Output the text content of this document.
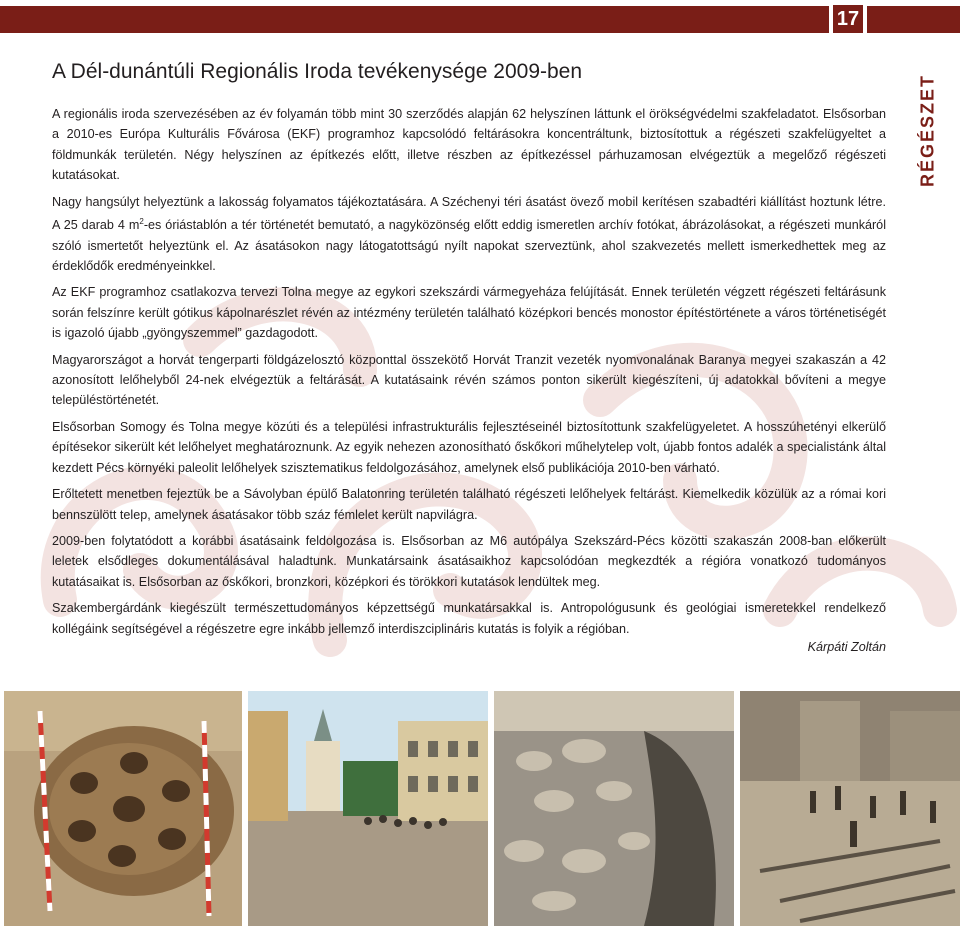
17
RÉGÉSZET
A Dél-dunántúli Regionális Iroda tevékenysége 2009-ben

A regionális iroda szervezésében az év folyamán több mint 30 szerződés alapján 62 helyszínen láttunk el örökségvédelmi szakfeladatot. Elsősorban a 2010-es Európa Kulturális Fővárosa (EKF) programhoz kapcsolódó feltárásokra koncentráltunk, biztosítottuk a régészeti szakfelügyeltet a földmunkák területén. Négy helyszínen az építkezés előtt, illetve részben az építkezéssel párhuzamosan elvégeztük a megelőző régészeti kutatásokat.

Nagy hangsúlyt helyeztünk a lakosság folyamatos tájékoztatására. A Széchenyi téri ásatást övező mobil kerítésen szabadtéri kiállítást hoztunk létre. A 25 darab 4 $m^2-es$ óriástablón a tér történetét bemutató, a nagyközönség előtt eddig ismeretlen archív fotókat, ábrázolásokat, a régészeti munkáról szóló ismertetőt helyeztünk el. Az ásatásokon nagy látogatottságú nyílt napokat szerveztünk, ahol szakvezetés mellett ismerkedhettek meg az érdeklődők eredményeinkkel.

Az EKF programhoz csatlakozva tervezi Tolna megye az egykori szekszárdi vármegyeháza felújítását. Ennek területén végzett régészeti feltárásunk során felszínre került gótikus kápolnarészlet révén az intézmény területén található középkori bencés monostor építéstörténete a város történetiségét is igazoló újabb „gyöngyszemmel” gazdagodott.

Magyarországot a horvát tengerparti földgázelosztó központtal összekötő Horvát Tranzit vezeték nyomvonalának Baranya megyei szakaszán a 42 azonosított lelőhelyből 24-nek elvégeztük a feltárását. A kutatásaink révén számos ponton sikerült kiegészíteni, új adatokkal bővíteni a megye településtörténetét.

Elsősorban Somogy és Tolna megye közúti és a települési infrastrukturális fejlesztéseinél biztosítottunk szakfelügyeletet. A hosszúhetényi elkerülő építésekor sikerült két lelőhelyet meghatároznunk. Az egyik nehezen azonosítható őskőkori műhelytelep volt, újabb fontos adalék a specialistánk által kezdett Pécs környéki paleolit lelőhelyek szisztematikus feldolgozásához, amelynek első publikációja 2010-ben várható.

Erőltetett menetben fejeztük be a Sávolyban épülő Balatonring területén található régészeti lelőhelyek feltárást. Kiemelkedik közülük az a római kori bennszülött telep, amelynek ásatásakor több száz fémlelet került napvilágra.

2009-ben folytatódott a korábbi ásatásaink feldolgozása is. Elsősorban az M6 autópálya Szekszárd-Pécs közötti szakaszán 2008-ban előkerült leletek elsődleges dokumentálásával haladtunk. Munkatársaink ásatásaikhoz kapcsolódóan megkezdték a régióra vonatkozó tudományos kutatásaikat is. Elsősorban az őskőkori, bronzkori, középkori és törökkori kutatások lendültek meg.

Szakembergárdánk kiegészült természettudományos képzettségű munkatársakkal is. Antropológusunk és geológiai ismeretekkel rendelkező kollégáink segítségével a régészetre egre inkább jellemző interdiszciplináris kutatás is folyik a régióban.

Kárpáti Zoltán
